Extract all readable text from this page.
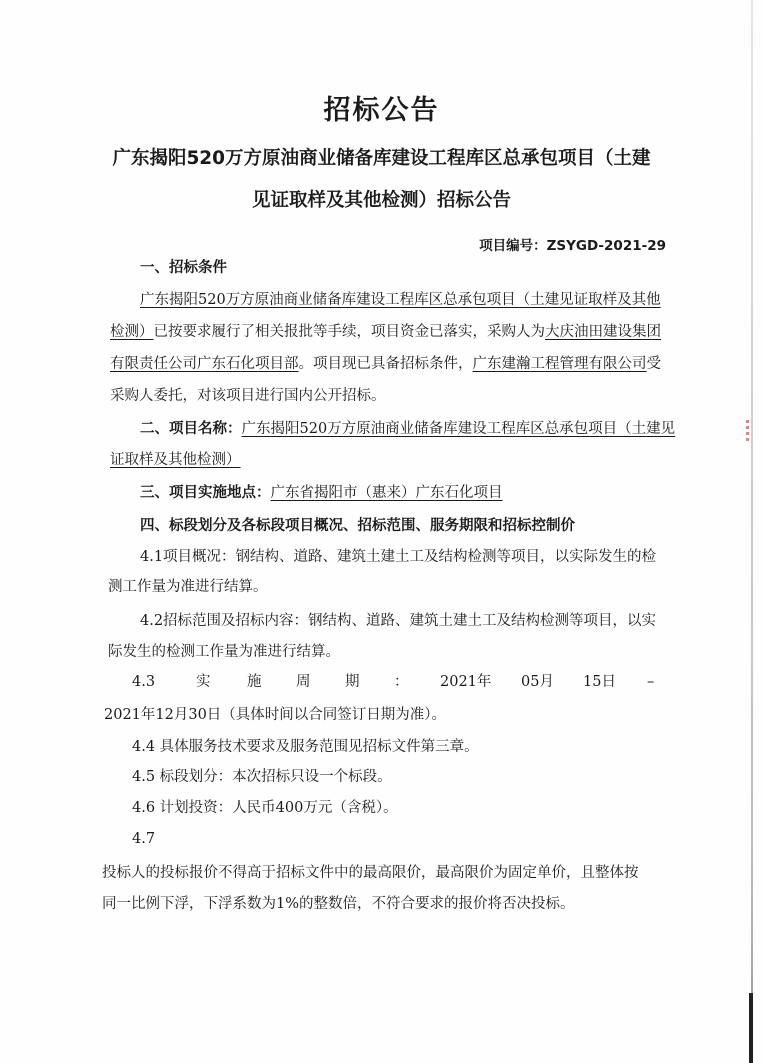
招标公告
广东揭阳520万方原油商业储备库建设工程库区总承包项目（土建
见证取样及其他检测）招标公告
项目编号：ZSYGD-2021-29
一、招标条件
广东揭阳520万方原油商业储备库建设工程库区总承包项目（土建见证取样及其他
检测）已按要求履行了相关报批等手续，项目资金已落实，采购人为大庆油田建设集团
有限责任公司广东石化项目部。项目现已具备招标条件，广东建瀚工程管理有限公司受
采购人委托，对该项目进行国内公开招标。
二、项目名称：广东揭阳520万方原油商业储备库建设工程库区总承包项目（土建见
证取样及其他检测）
三、项目实施地点：广东省揭阳市（惠来）广东石化项目
四、标段划分及各标段项目概况、招标范围、服务期限和招标控制价
4.1项目概况：钢结构、道路、建筑土建土工及结构检测等项目，以实际发生的检
测工作量为准进行结算。
4.2招标范围及招标内容：钢结构、道路、建筑土建土工及结构检测等项目，以实
际发生的检测工作量为准进行结算。
4.3	实	施 周 期 ： 2021年 05月 15日 –
2021年12月30日（具体时间以合同签订日期为准）。
4.4 具体服务技术要求及服务范围见招标文件第三章。
4.5 标段划分：本次招标只设一个标段。
4.6 计划投资：人民币400万元（含税）。
4.7
投标人的投标报价不得高于招标文件中的最高限价，最高限价为固定单价，且整体按
同一比例下浮，下浮系数为1%的整数倍，不符合要求的报价将否决投标。
